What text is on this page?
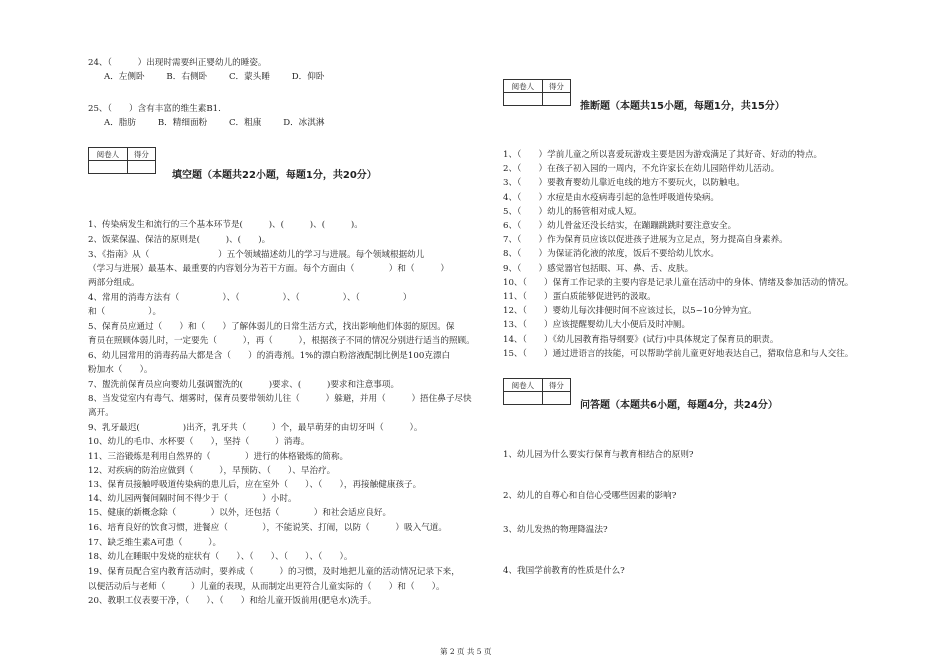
24、（　　　）出现时需要纠正婴幼儿的睡姿。
A．左侧卧        B．右侧卧        C．蒙头睡        D．仰卧
25、（　　）含有丰富的维生素B1.
A．脂肪        B．精细面粉        C．粗康        D．冰淇淋
阅卷人	得分

填空题（本题共22小题，每题1分，共20分）
1、传染病发生和流行的三个基本环节是(　　　)、(　　　)、(　　　)。
2、饭菜保温、保洁的原则是(　　　)、(　　)。
3、《指南》从（　　　　　　　　）五个领域描述幼儿的学习与进展。每个领域根据幼儿
（学习与进展）最基本、最重要的内容划分为若干方面。每个方面由（　　　　）和（　　　）
两部分组成。
4、常用的消毒方法有（　　　　　）、（　　　　　）、（　　　　　）、（　　　　　）
和（　　　　　）。
5、保育员应通过（　　）和（　　）了解体弱儿的日常生活方式，找出影响他们体弱的原因。保
育员在照顾体弱儿时，一定要先（　　　），再（　　　），根据孩子不同的情况分别进行适当的照顾。
6、幼儿园常用的消毒药品大都是含（　　）的消毒剂。1%的漂白粉溶液配制比例是100克漂白
粉加水（　　）。
7、盥洗前保育员应向婴幼儿强调盥洗的(　　　)要求、(　　　)要求和注意事项。
8、当发觉室内有毒气、烟雾时，保育员要带领幼儿往（　　　）躲避，并用（　　　）捂住鼻子尽快
离开。
9、乳牙最迟(　　　　　)出齐，乳牙共（　　　）个，最早萌芽的由切牙叫（　　　）。
10、幼儿的毛巾、水杯要（　　），坚持（　　　）消毒。
11、三浴锻炼是利用自然界的（　　　　）进行的体格锻炼的简称。
12、对疾病的防治应做到（　　　），早预防、（　　）、早治疗。
13、保育员接触呼吸道传染病的患儿后，应在室外（　　）、（　　），再接触健康孩子。
14、幼儿园两餐间隔时间不得少于（　　　　）小时。
15、健康的新概念除（　　　　）以外，还包括（　　　　）和社会适应良好。
16、培育良好的饮食习惯，进餐应（　　　　），不能说笑、打闹，以防（　　　）吸入气道。
17、缺乏维生素A可患（　　　）。
18、幼儿在睡眠中发烧的症状有（　　）、（　　）、（　　）、（　　）。
19、保育员配合室内教育活动时，要养成（　　　）的习惯，及时地把儿童的活动情况记录下来，
以便活动后与老师（　　　）儿童的表现，从而制定出更符合儿童实际的（　　）和（　　）。
20、教职工仪表要干净，（　　）、（　　）和给儿童开饭前用(肥皂水)洗手。
阅卷人	得分

推断题（本题共15小题，每题1分，共15分）
1、（　　）学前儿童之所以喜爱玩游戏主要是因为游戏满足了其好奇、好动的特点。
2、（　　）在孩子初入园的一周内，不允许家长在幼儿园陪伴幼儿活动。
3、（　　）要教育婴幼儿靠近电线的地方不要玩火，以防触电。
4、（　　）水痘是由水疫病毒引起的急性呼吸道传染病。
5、（　　）幼儿的肠管相对成人短。
6、（　　）幼儿骨盆还没长结实，在蹦蹦跳跳时要注意安全。
7、（　　）作为保育员应该以促进孩子进展为立足点，努力提高自身素养。
8、（　　）为保证消化液的浓度，饭后不要给幼儿饮水。
9、（　　）感觉器官包括眼、耳、鼻、舌、皮肤。
10、（　　）保育工作记录的主要内容是记录儿童在活动中的身体、情绪及参加活动的情况。
11、（　　）蛋白质能够促进钙的汲取。
12、（　　）婴幼儿每次排便时间不应该过长，以5~10分钟为宜。
13、（　　）应该提醒婴幼儿大小便后及时冲厕。
14、（　　）《幼儿园教育指导纲要》(试行)中具体规定了保育员的职责。
15、（　　）通过进语言的技能，可以帮助学前儿童更好地表达自己，猎取信息和与人交往。
阅卷人	得分

问答题（本题共6小题，每题4分，共24分）
1、幼儿园为什么要实行保育与教育相结合的原则?
2、幼儿的自尊心和自信心受哪些因素的影响?
3、幼儿发热的物理降温法?
4、我国学前教育的性质是什么?
第 2 页 共 5 页
